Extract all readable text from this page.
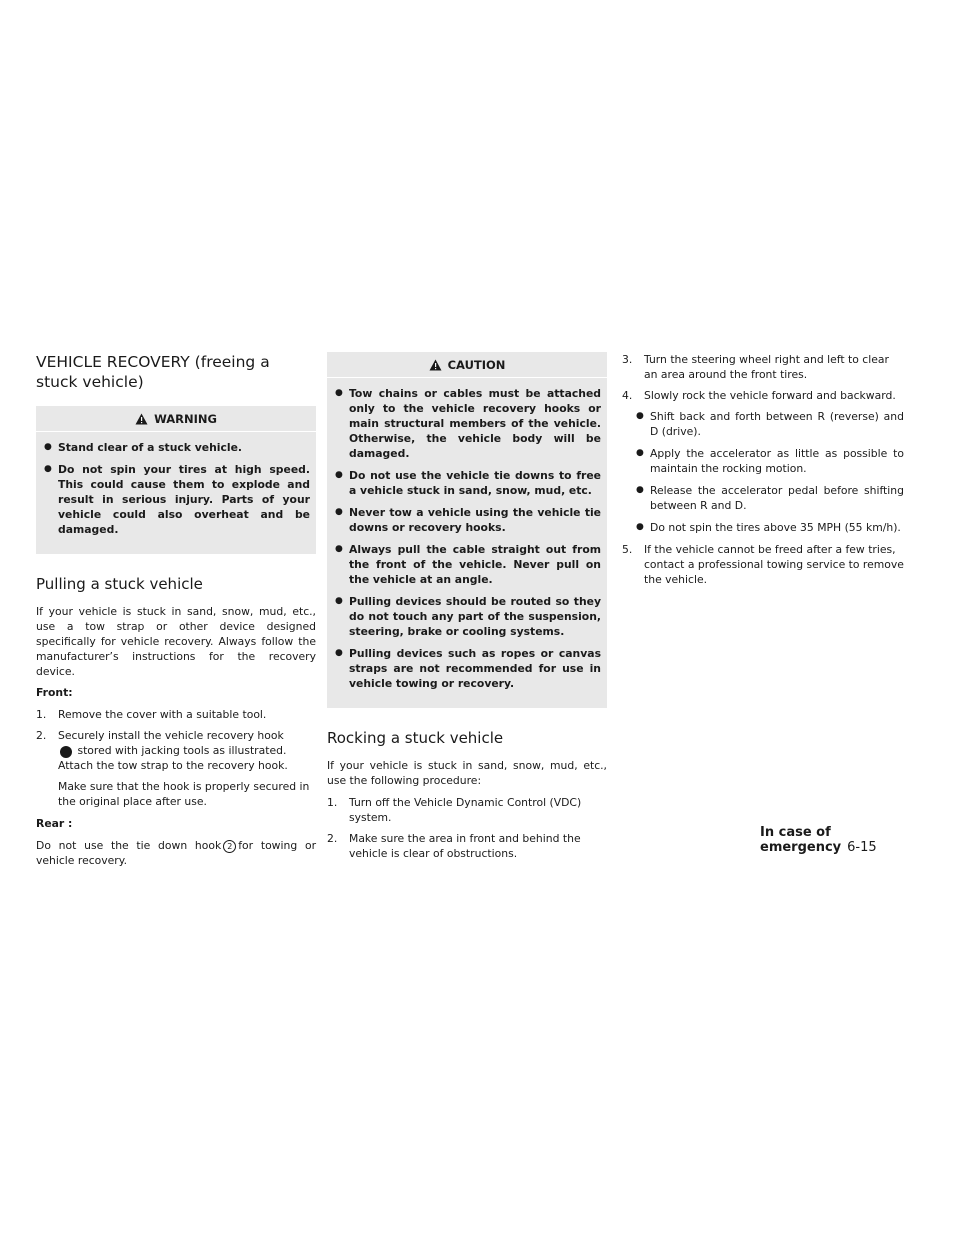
VEHICLE RECOVERY (freeing a stuck vehicle)
WARNING
● Stand clear of a stuck vehicle.
● Do not spin your tires at high speed. This could cause them to explode and result in serious injury. Parts of your vehicle could also overheat and be damaged.
Pulling a stuck vehicle

If your vehicle is stuck in sand, snow, mud, etc., use a tow strap or other device designed specifically for vehicle recovery. Always follow the manufacturer’s instructions for the recovery device.

Front:
1. Remove the cover with a suitable tool.
2. Securely install the vehicle recovery hook
1 stored with jacking tools as illustrated. Attach the tow strap to the recovery hook.
Make sure that the hook is properly secured in the original place after use.
Rear :

Do not use the tie down hook 2 for towing or vehicle recovery.

CAUTION
● Tow chains or cables must be attached only to the vehicle recovery hooks or main structural members of the vehicle. Otherwise, the vehicle body will be damaged.
● Do not use the vehicle tie downs to free a vehicle stuck in sand, snow, mud, etc.
● Never tow a vehicle using the vehicle tie downs or recovery hooks.
● Always pull the cable straight out from the front of the vehicle. Never pull on the vehicle at an angle.
● Pulling devices should be routed so they do not touch any part of the suspension, steering, brake or cooling systems.
● Pulling devices such as ropes or canvas straps are not recommended for use in vehicle towing or recovery.
Rocking a stuck vehicle

If your vehicle is stuck in sand, snow, mud, etc., use the following procedure:

1. Turn off the Vehicle Dynamic Control (VDC) system.
2. Make sure the area in front and behind the vehicle is clear of obstructions.
3. Turn the steering wheel right and left to clear an area around the front tires.
4. Slowly rock the vehicle forward and backward.
● Shift back and forth between R (reverse) and D (drive).
● Apply the accelerator as little as possible to maintain the rocking motion.
● Release the accelerator pedal before shifting between R and D.
● Do not spin the tires above 35 MPH (55 km/h).
5. If the vehicle cannot be freed after a few tries, contact a professional towing service to remove the vehicle.
In case of emergency 6-15
